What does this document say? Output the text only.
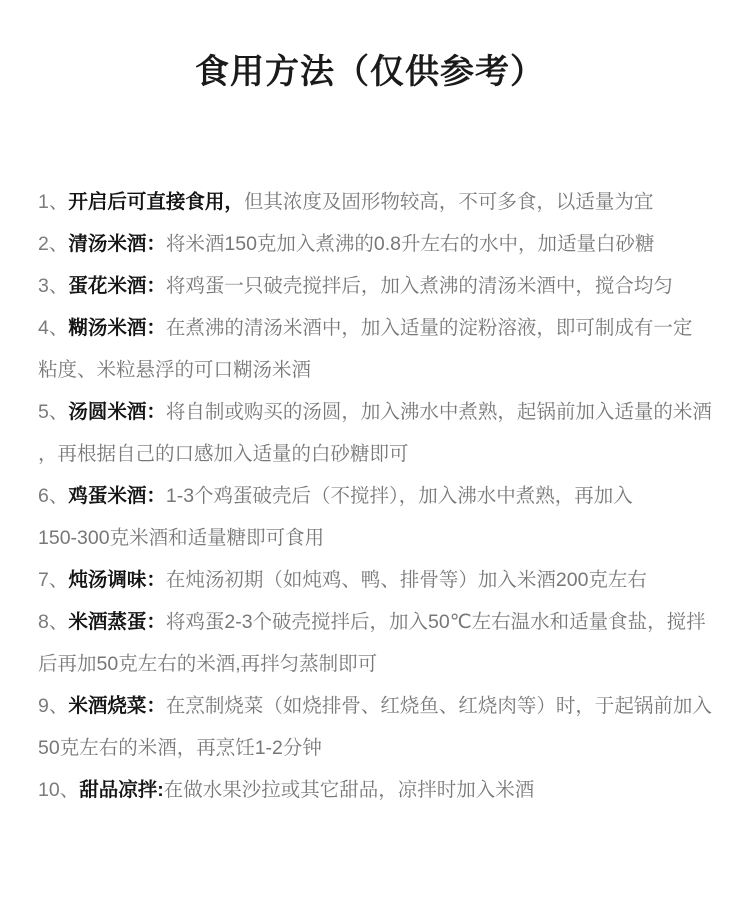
食用方法（仅供参考）

1、开启后可直接食用，但其浓度及固形物较高，不可多食，以适量为宜

2、清汤米酒：将米酒150克加入煮沸的0.8升左右的水中，加适量白砂糖

3、蛋花米酒：将鸡蛋一只破壳搅拌后，加入煮沸的清汤米酒中，搅合均匀

4、糊汤米酒：在煮沸的清汤米酒中，加入适量的淀粉溶液，即可制成有一定
粘度、米粒悬浮的可口糊汤米酒

5、汤圆米酒：将自制或购买的汤圆，加入沸水中煮熟，起锅前加入适量的米酒
，再根据自己的口感加入适量的白砂糖即可

6、鸡蛋米酒：1-3个鸡蛋破壳后（不搅拌），加入沸水中煮熟，再加入
150-300克米酒和适量糖即可食用

7、炖汤调味：在炖汤初期（如炖鸡、鸭、排骨等）加入米酒200克左右

8、米酒蒸蛋：将鸡蛋2-3个破壳搅拌后，加入50℃左右温水和适量食盐，搅拌
后再加50克左右的米酒,再拌匀蒸制即可

9、米酒烧菜：在烹制烧菜（如烧排骨、红烧鱼、红烧肉等）时，于起锅前加入
50克左右的米酒，再烹饪1-2分钟

10、甜品凉拌:在做水果沙拉或其它甜品，凉拌时加入米酒
